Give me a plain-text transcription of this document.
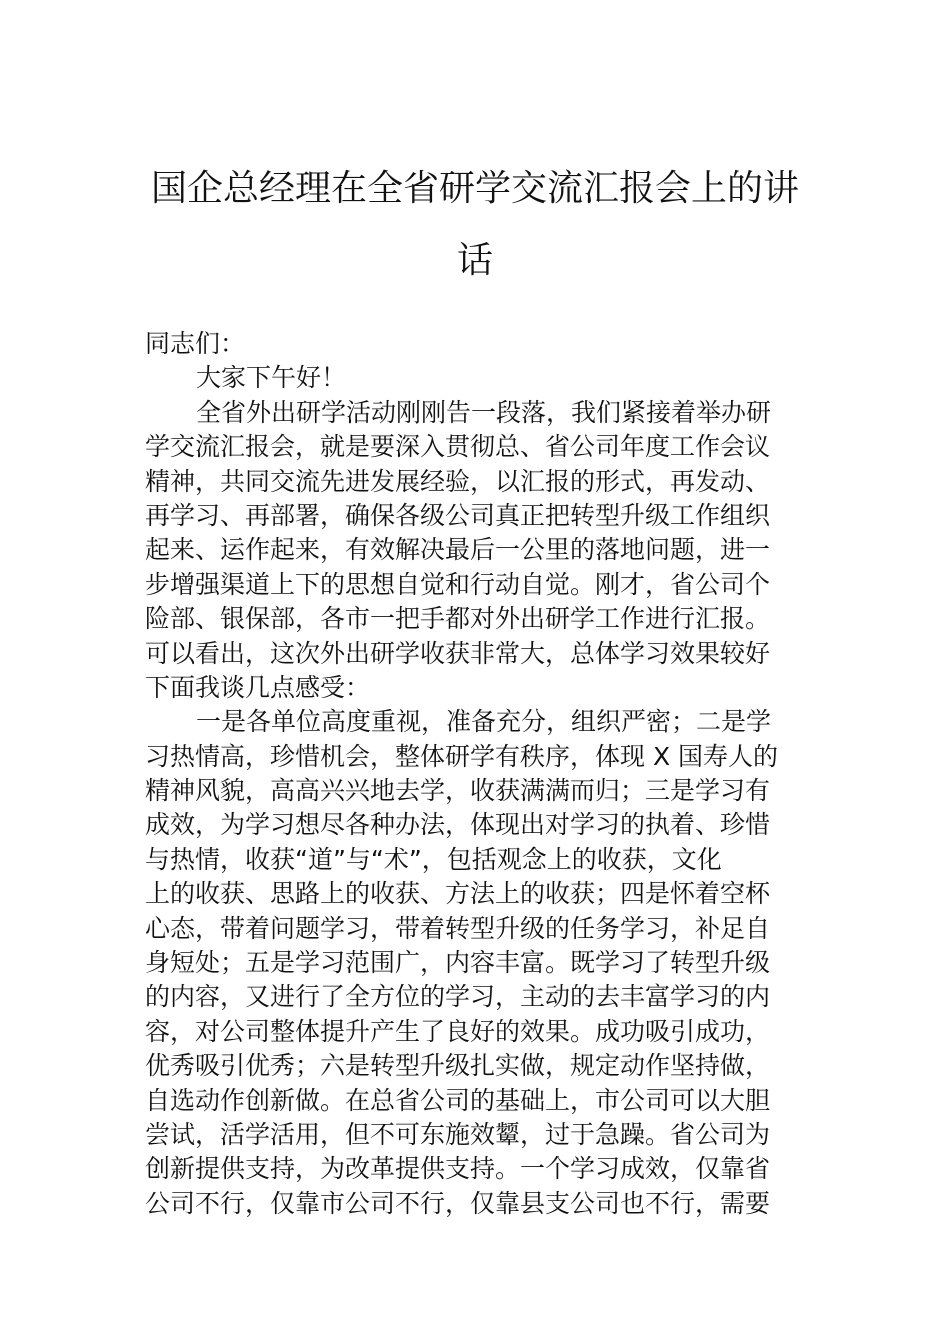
国企总经理在全省研学交流汇报会上的讲
话
同志们：
大家下午好！
全省外出研学活动刚刚告一段落，我们紧接着举办研
学交流汇报会，就是要深入贯彻总、省公司年度工作会议
精神，共同交流先进发展经验，以汇报的形式，再发动、
再学习、再部署，确保各级公司真正把转型升级工作组织
起来、运作起来，有效解决最后一公里的落地问题，进一
步增强渠道上下的思想自觉和行动自觉。刚才，省公司个
险部、银保部，各市一把手都对外出研学工作进行汇报。
可以看出，这次外出研学收获非常大，总体学习效果较好
下面我谈几点感受：
一是各单位高度重视，准备充分，组织严密；二是学
习热情高，珍惜机会，整体研学有秩序，体现 X 国寿人的
精神风貌，高高兴兴地去学，收获满满而归；三是学习有
成效，为学习想尽各种办法，体现出对学习的执着、珍惜
与热情，收获“道”与“术”，包括观念上的收获，文化
上的收获、思路上的收获、方法上的收获；四是怀着空杯
心态，带着问题学习，带着转型升级的任务学习，补足自
身短处；五是学习范围广，内容丰富。既学习了转型升级
的内容，又进行了全方位的学习，主动的去丰富学习的内
容，对公司整体提升产生了良好的效果。成功吸引成功，
优秀吸引优秀；六是转型升级扎实做，规定动作坚持做，
自选动作创新做。在总省公司的基础上，市公司可以大胆
尝试，活学活用，但不可东施效颦，过于急躁。省公司为
创新提供支持，为改革提供支持。一个学习成效，仅靠省
公司不行，仅靠市公司不行，仅靠县支公司也不行，需要
